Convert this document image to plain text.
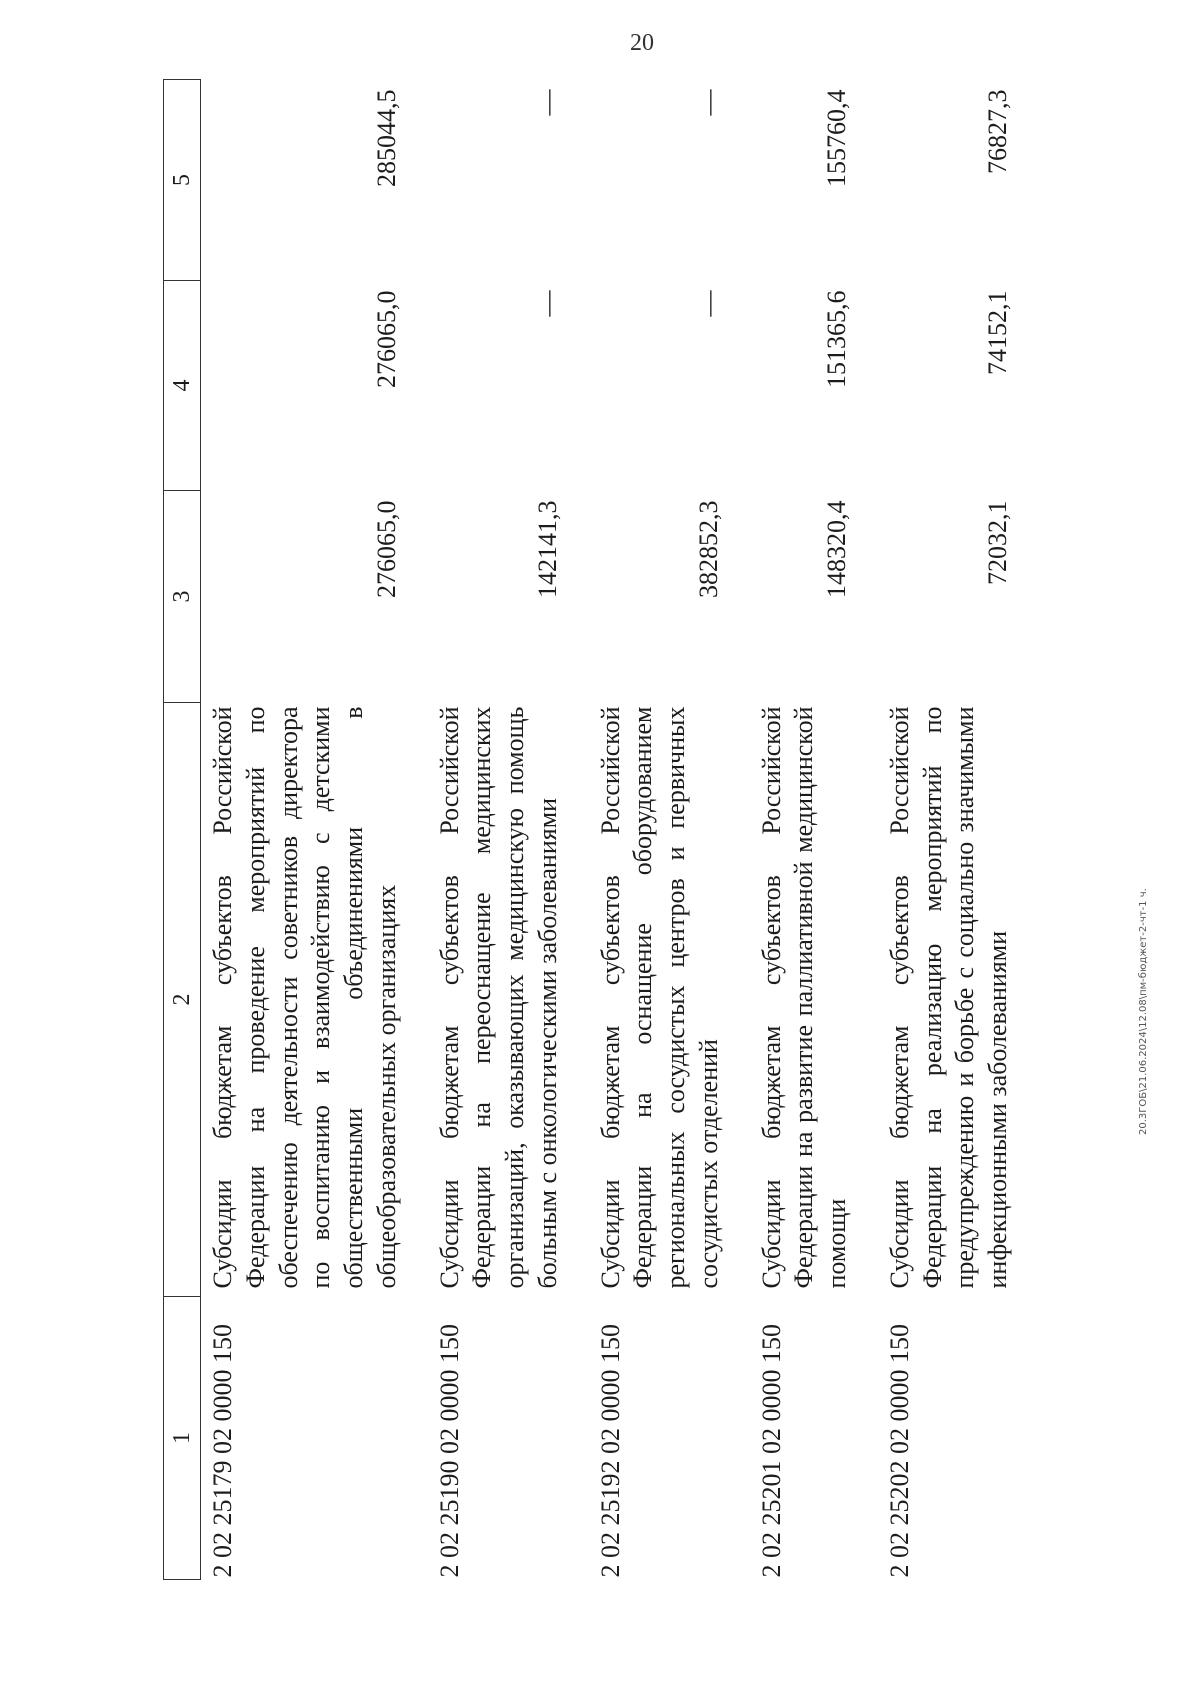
20
1	2	3	4	5
2 02 25179 02 0000 150	Субсидии бюджетам субъектов Российской Федерации на проведение мероприятий по обеспечению деятельности советников директора по воспитанию и взаимодействию с детскими общественными объединениями в общеобразовательных организациях	276065,0	276065,0	285044,5
2 02 25190 02 0000 150	Субсидии бюджетам субъектов Российской Федерации на переоснащение медицинских организаций, оказывающих медицинскую помощь больным с онкологическими заболеваниями	142141,3	—	—
2 02 25192 02 0000 150	Субсидии бюджетам субъектов Российской Федерации на оснащение оборудованием региональных сосудистых центров и первичных сосудистых отделений	382852,3	—	—
2 02 25201 02 0000 150	Субсидии бюджетам субъектов Российской Федерации на развитие паллиативной медицинской помощи	148320,4	151365,6	155760,4
2 02 25202 02 0000 150	Субсидии бюджетам субъектов Российской Федерации на реализацию мероприятий по предупреждению и борьбе с социально значимыми инфекционными заболеваниями	72032,1	74152,1	76827,3
20.3ГОБ\21.06.2024\12.08\пм-бюджет-2-чт-1 ч.
